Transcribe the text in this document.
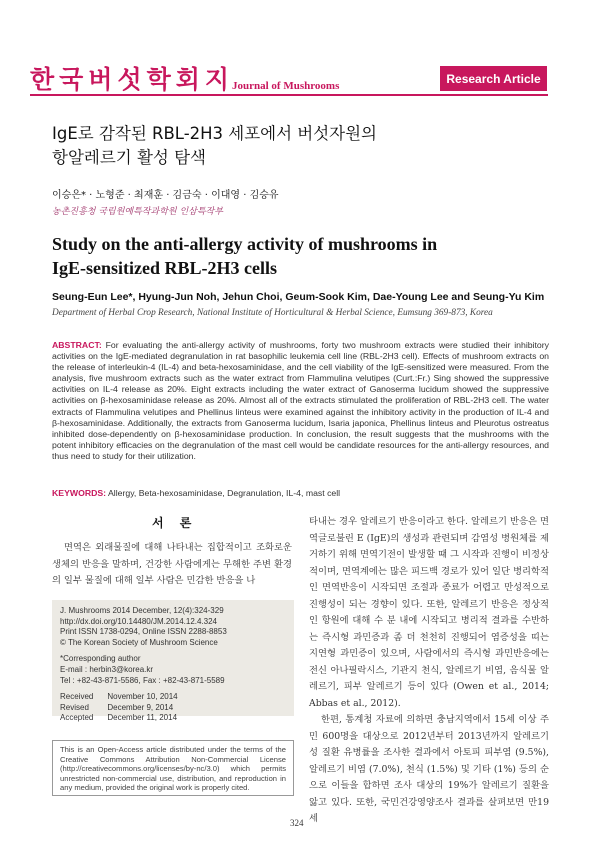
한국버섯학회지
Journal of Mushrooms
Research Article
IgE로 감작된 RBL-2H3 세포에서 버섯자원의
항알레르기 활성 탐색
이승은* · 노형준 · 최재훈 · 김금숙 · 이대영 · 김승유
농촌진흥청 국립원예특작과학원 인삼특작부
Study on the anti-allergy activity of mushrooms in
IgE-sensitized RBL-2H3 cells
Seung-Eun Lee*, Hyung-Jun Noh, Jehun Choi, Geum-Sook Kim, Dae-Young Lee and Seung-Yu Kim
Department of Herbal Crop Research, National Institute of Horticultural & Herbal Science, Eumsung 369-873, Korea
ABSTRACT: For evaluating the anti-allergy activity of mushrooms, forty two mushroom extracts were studied their inhibitory activities on the IgE-mediated degranulation in rat basophilic leukemia cell line (RBL-2H3 cell). Effects of mushroom extracts on the release of interleukin-4 (IL-4) and beta-hexosaminidase, and the cell viability of the IgE-sensitized were measured. From the analysis, five mushroom extracts such as the water extract from Flammulina velutipes (Curt.:Fr.) Sing showed the suppressive activities on IL-4 release as 20%. Eight extracts including the water extract of Ganoserma lucidum showed the suppressive activities on β-hexosaminidase release as 20%. Almost all of the extracts stimulated the proliferation of RBL-2H3 cell. The water extracts of Flammulina velutipes and Phellinus linteus were examined against the inhibitory activity in the production of IL-4 and β-hexosaminidase. Additionally, the extracts from Ganoserma lucidum, Isaria japonica, Phellinus linteus and Pleurotus ostreatus inhibited dose-dependently on β-hexosaminidase production. In conclusion, the result suggests that the mushrooms with the potent inhibitory efficacies on the degranulation of the mast cell would be candidate resources for the anti-allergy resources, and thus need to study for their utilization.
KEYWORDS: Allergy, Beta-hexosaminidase, Degranulation, IL-4, mast cell
서 론

면역은 외래물질에 대해 나타내는 집합적이고 조화로운 생체의 반응을 말하며, 건강한 사람에게는 무해한 주변 환경의 일부 물질에 대해 일부 사람은 민감한 반응을 나

J. Mushrooms 2014 December, 12(4):324-329
http://dx.doi.org/10.14480/JM.2014.12.4.324
Print ISSN 1738-0294, Online ISSN 2288-8853
© The Korean Society of Mushroom Science
*Corresponding author
E-mail : herbin3@korea.kr
Tel : +82-43-871-5586, Fax : +82-43-871-5589
Received	November 10, 2014
Revised	December 9, 2014
Accepted	December 11, 2014
This is an Open-Access article distributed under the terms of the Creative Commons Attribution Non-Commercial License (http://creativecommons.org/licenses/by-nc/3.0) which permits unrestricted non-commercial use, distribution, and reproduction in any medium, provided the original work is properly cited.

타내는 경우 알레르기 반응이라고 한다. 알레르기 반응은 면역글로불린 E (IgE)의 생성과 관련되며 감염성 병원체를 제거하기 위해 면역기전이 발생할 때 그 시작과 진행이 비정상적이며, 면역계에는 많은 피드백 경로가 있어 일단 병리학적인 면역반응이 시작되면 조절과 종료가 어렵고 만성적으로 진행성이 되는 경향이 있다. 또한, 알레르기 반응은 정상적인 항원에 대해 수 분 내에 시작되고 병리적 결과를 수반하는 즉시형 과민증과 좀 더 천천히 진행되어 염증성을 띠는 지연형 과민증이 있으며, 사람에서의 즉시형 과민반응에는 전신 아나필락시스, 기관지 천식, 알레르기 비염, 음식물 알레르기, 피부 알레르기 등이 있다 (Owen et al., 2014; Abbas et al., 2012).

한편, 통계청 자료에 의하면 충남지역에서 15세 이상 주민 600명을 대상으로 2012년부터 2013년까지 알레르기성 질환 유병률을 조사한 결과에서 아토피 피부염 (9.5%), 알레르기 비염 (7.0%), 천식 (1.5%) 및 기타 (1%) 등의 순으로 이들을 합하면 조사 대상의 19%가 알레르기 질환을 앓고 있다. 또한, 국민건강영양조사 결과를 살펴보면 만19세

324
